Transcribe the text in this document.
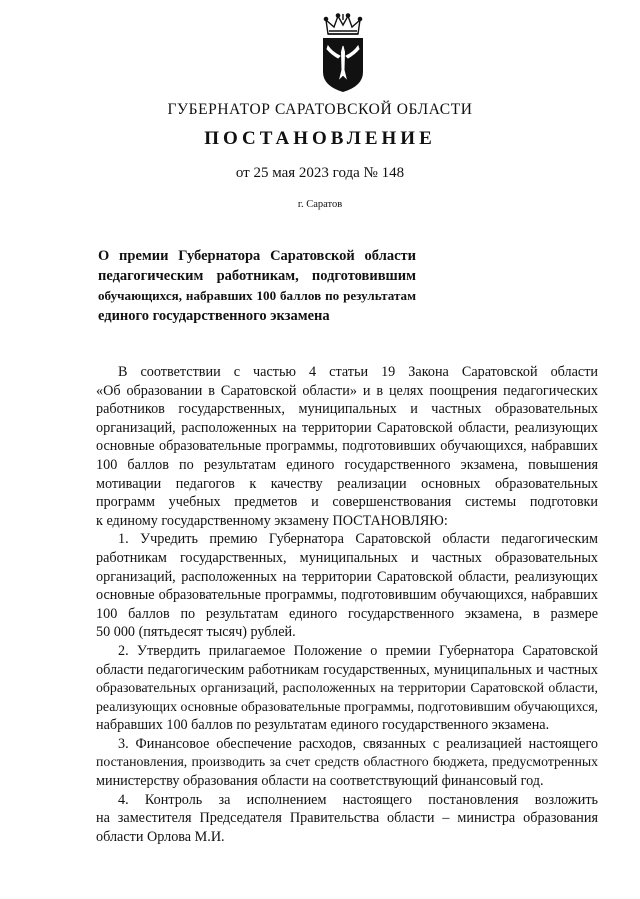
ГУБЕРНАТОР САРАТОВСКОЙ ОБЛАСТИ
ПОСТАНОВЛЕНИЕ
от 25 мая 2023 года № 148
г. Саратов
О премии Губернатора Саратовской области
педагогическим работникам, подготовившим
обучающихся, набравших 100 баллов по результатам
единого государственного экзамена
В соответствии с частью 4 статьи 19 Закона Саратовской области
«Об образовании в Саратовской области» и в целях поощрения педагогических
работников государственных, муниципальных и частных образовательных
организаций, расположенных на территории Саратовской области, реализующих
основные образовательные программы, подготовивших обучающихся, набравших
100 баллов по результатам единого государственного экзамена, повышения
мотивации педагогов к качеству реализации основных образовательных
программ учебных предметов и совершенствования системы подготовки
к единому государственному экзамену ПОСТАНОВЛЯЮ:
1. Учредить премию Губернатора Саратовской области педагогическим
работникам государственных, муниципальных и частных образовательных
организаций, расположенных на территории Саратовской области, реализующих
основные образовательные программы, подготовившим обучающихся, набравших
100 баллов по результатам единого государственного экзамена, в размере
50 000 (пятьдесят тысяч) рублей.
2. Утвердить прилагаемое Положение о премии Губернатора Саратовской
области педагогическим работникам государственных, муниципальных и частных
образовательных организаций, расположенных на территории Саратовской области,
реализующих основные образовательные программы, подготовившим обучающихся,
набравших 100 баллов по результатам единого государственного экзамена.
3. Финансовое обеспечение расходов, связанных с реализацией настоящего
постановления, производить за счет средств областного бюджета, предусмотренных
министерству образования области на соответствующий финансовый год.
4. Контроль за исполнением настоящего постановления возложить
на заместителя Председателя Правительства области – министра образования
области Орлова М.И.
